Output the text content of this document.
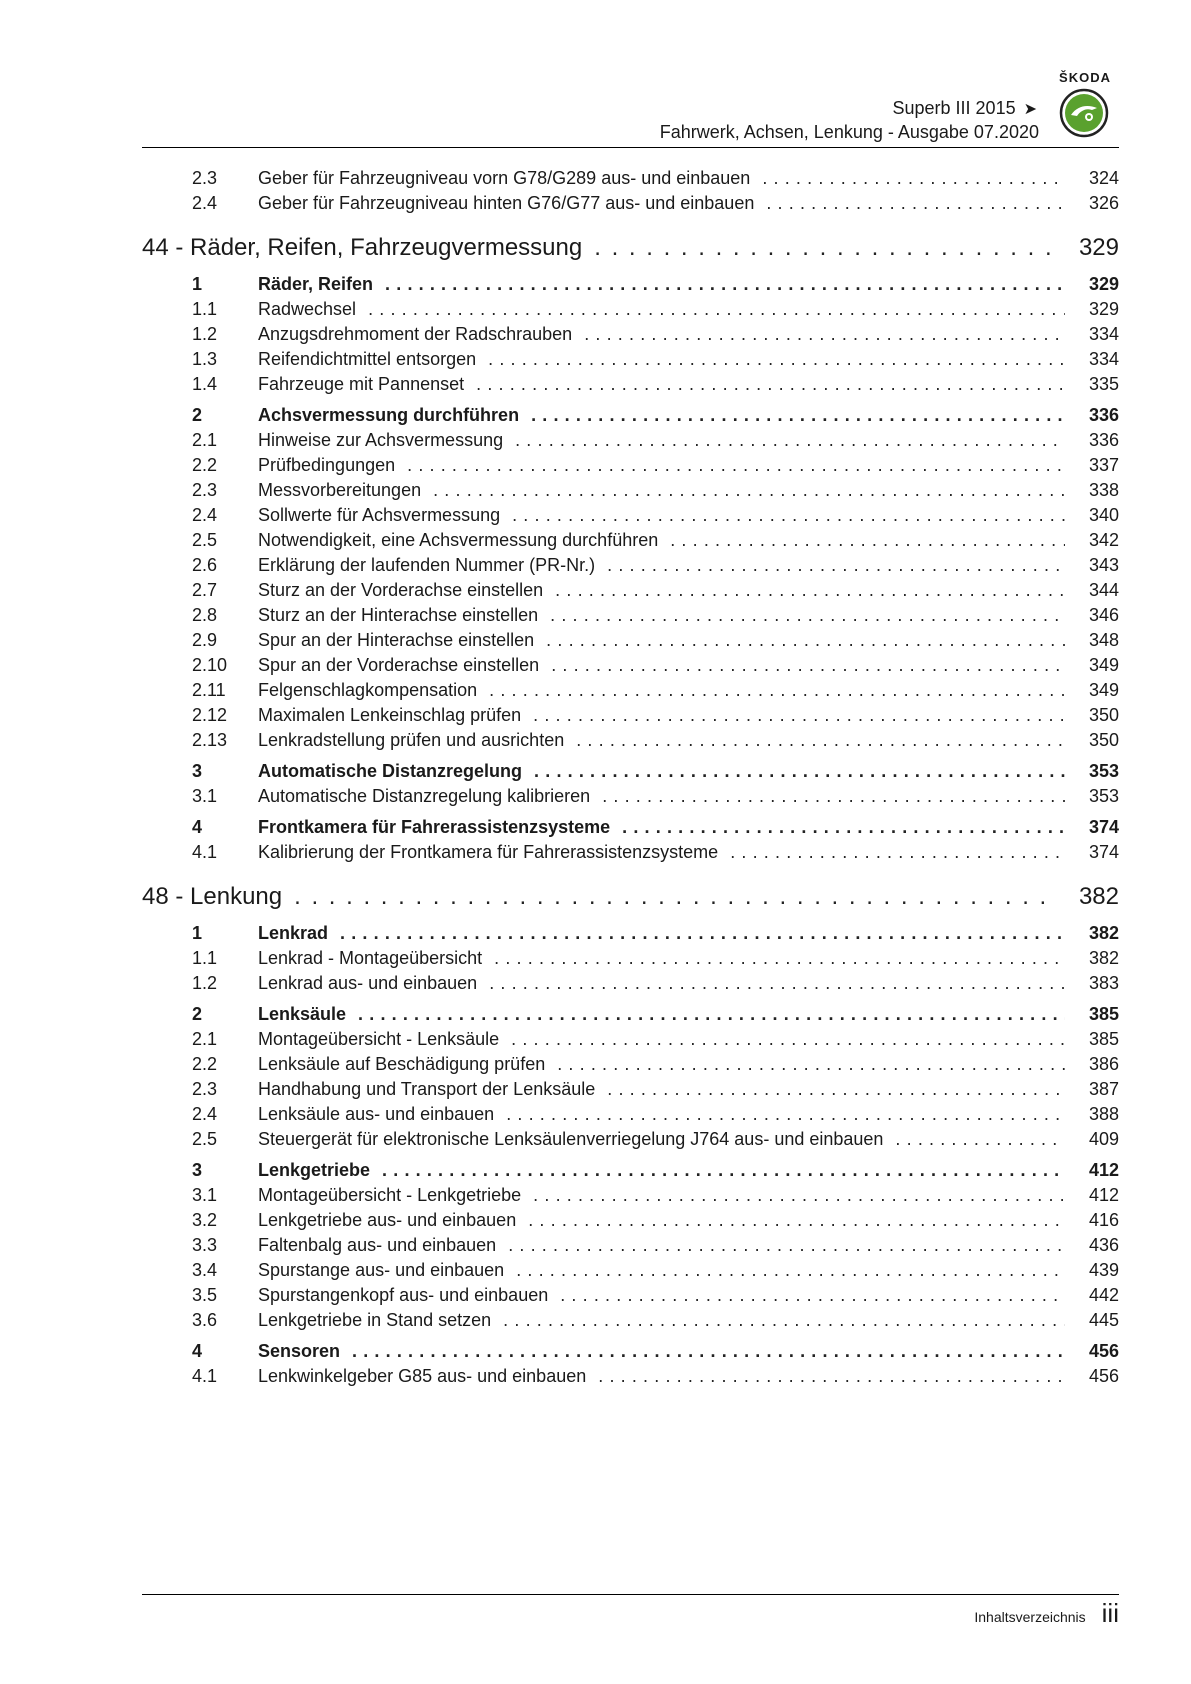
ŠKODA
Superb III 2015 ➤
Fahrwerk, Achsen, Lenkung - Ausgabe 07.2020
2.3 Geber für Fahrzeugniveau vorn G78/G289 aus- und einbauen . . .	324
2.4 Geber für Fahrzeugniveau hinten G76/G77 aus- und einbauen . . .	326
44 - Räder, Reifen, Fahrzeugvermessung . . .	329
1	Räder, Reifen . . .	329
1.1 Radwechsel . . .	329
1.2 Anzugsdrehmoment der Radschrauben . . .	334
1.3 Reifendichtmittel entsorgen . . .	334
1.4 Fahrzeuge mit Pannenset . . .	335
2	Achsvermessung durchführen . . .	336
2.1 Hinweise zur Achsvermessung . . .	336
2.2 Prüfbedingungen . . .	337
2.3 Messvorbereitungen . . .	338
2.4 Sollwerte für Achsvermessung . . .	340
2.5 Notwendigkeit, eine Achsvermessung durchführen . . .	342
2.6 Erklärung der laufenden Nummer (PR-Nr.) . . .	343
2.7 Sturz an der Vorderachse einstellen . . .	344
2.8 Sturz an der Hinterachse einstellen . . .	346
2.9 Spur an der Hinterachse einstellen . . .	348
2.10 Spur an der Vorderachse einstellen . . .	349
2.11 Felgenschlagkompensation . . .	349
2.12 Maximalen Lenkeinschlag prüfen . . .	350
2.13 Lenkradstellung prüfen und ausrichten . . .	350
3	Automatische Distanzregelung . . .	353
3.1 Automatische Distanzregelung kalibrieren . . .	353
4	Frontkamera für Fahrerassistenzsysteme . . .	374
4.1 Kalibrierung der Frontkamera für Fahrerassistenzsysteme . . .	374
48 - Lenkung . . .	382
1	Lenkrad . . .	382
1.1 Lenkrad - Montageübersicht . . .	382
1.2 Lenkrad aus- und einbauen . . .	383
2	Lenksäule . . .	385
2.1 Montageübersicht - Lenksäule . . .	385
2.2 Lenksäule auf Beschädigung prüfen . . .	386
2.3 Handhabung und Transport der Lenksäule . . .	387
2.4 Lenksäule aus- und einbauen . . .	388
2.5 Steuergerät für elektronische Lenksäulenverriegelung J764 aus- und einbauen . . .	409
3	Lenkgetriebe . . .	412
3.1 Montageübersicht - Lenkgetriebe . . .	412
3.2 Lenkgetriebe aus- und einbauen . . .	416
3.3 Faltenbalg aus- und einbauen . . .	436
3.4 Spurstange aus- und einbauen . . .	439
3.5 Spurstangenkopf aus- und einbauen . . .	442
3.6 Lenkgetriebe in Stand setzen . . .	445
4	Sensoren . . .	456
4.1 Lenkwinkelgeber G85 aus- und einbauen . . .	456
Inhaltsverzeichnis iii
